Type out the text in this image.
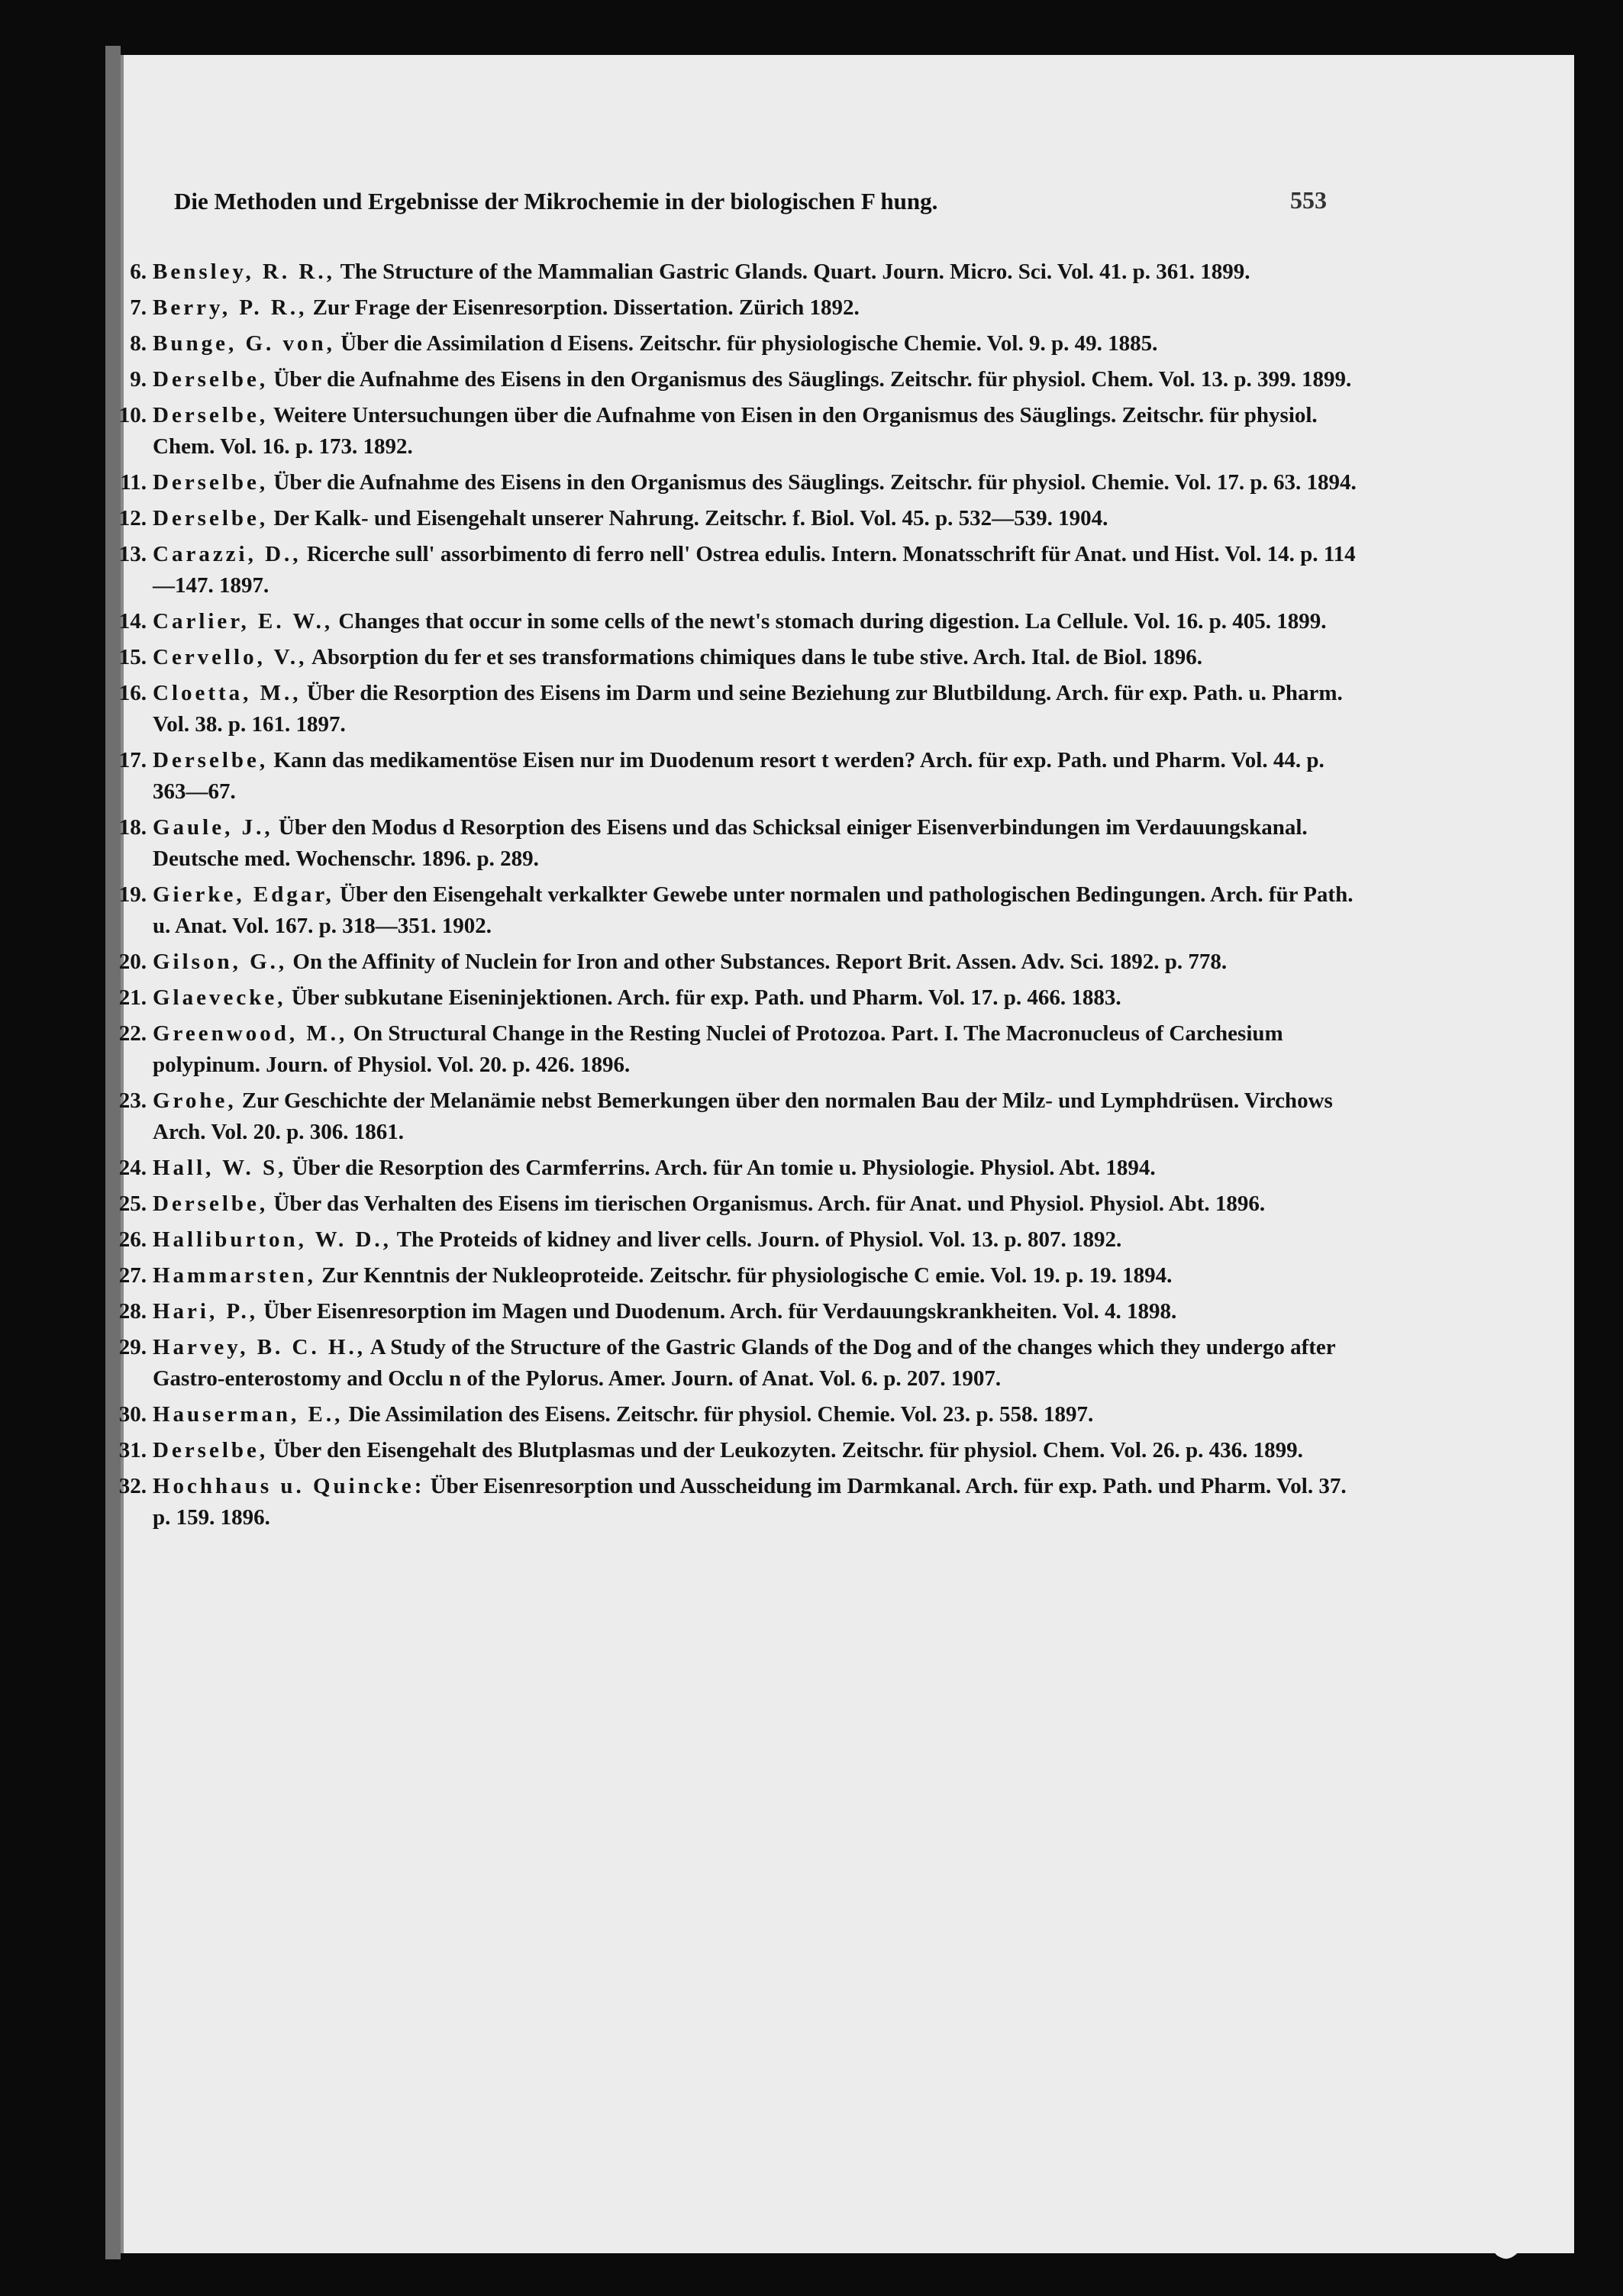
Die Methoden und Ergebnisse der Mikrochemie in der biologischen F hung.	553
6. Bensley, R. R., The Structure of the Mammalian Gastric Glands. Quart. Journ. Micro. Sci. Vol. 41. p. 361. 1899.
7. Berry, P. R., Zur Frage der Eisenresorption. Dissertation. Zürich 1892.
8. Bunge, G. von, Über die Assimilation d Eisens. Zeitschr. für physiologische Chemie. Vol. 9. p. 49. 1885.
9. Derselbe, Über die Aufnahme des Eisens in den Organismus des Säuglings. Zeitschr. für physiol. Chem. Vol. 13. p. 399. 1899.
10. Derselbe, Weitere Untersuchungen über die Aufnahme von Eisen in den Organismus des Säuglings. Zeitschr. für physiol. Chem. Vol. 16. p. 173. 1892.
11. Derselbe, Über die Aufnahme des Eisens in den Organismus des Säuglings. Zeitschr. für physiol. Chemie. Vol. 17. p. 63. 1894.
12. Derselbe, Der Kalk- und Eisengehalt unserer Nahrung. Zeitschr. f. Biol. Vol. 45. p. 532—539. 1904.
13. Carazzi, D., Ricerche sull' assorbimento di ferro nell' Ostrea edulis. Intern. Monatsschrift für Anat. und Hist. Vol. 14. p. 114—147. 1897.
14. Carlier, E. W., Changes that occur in some cells of the newt's stomach during digestion. La Cellule. Vol. 16. p. 405. 1899.
15. Cervello, V., Absorption du fer et ses transformations chimiques dans le tube stive. Arch. Ital. de Biol. 1896.
16. Cloetta, M., Über die Resorption des Eisens im Darm und seine Beziehung zur Blutbildung. Arch. für exp. Path. u. Pharm. Vol. 38. p. 161. 1897.
17. Derselbe, Kann das medikamentöse Eisen nur im Duodenum resort t werden? Arch. für exp. Path. und Pharm. Vol. 44. p. 363—67.
18. Gaule, J., Über den Modus d Resorption des Eisens und das Schicksal einiger Eisenverbindungen im Verdauungskanal. Deutsche med. Wochenschr. 1896. p. 289.
19. Gierke, Edgar, Über den Eisengehalt verkalkter Gewebe unter normalen und pathologischen Bedingungen. Arch. für Path. u. Anat. Vol. 167. p. 318—351. 1902.
20. Gilson, G., On the Affinity of Nuclein for Iron and other Substances. Report Brit. Assen. Adv. Sci. 1892. p. 778.
21. Glaevecke, Über subkutane Eiseninjektionen. Arch. für exp. Path. und Pharm. Vol. 17. p. 466. 1883.
22. Greenwood, M., On Structural Change in the Resting Nuclei of Protozoa. Part. I. The Macronucleus of Carchesium polypinum. Journ. of Physiol. Vol. 20. p. 426. 1896.
23. Grohe, Zur Geschichte der Melanämie nebst Bemerkungen über den normalen Bau der Milz- und Lymphdrüsen. Virchows Arch. Vol. 20. p. 306. 1861.
24. Hall, W. S, Über die Resorption des Carmferrins. Arch. für An tomie u. Physiologie. Physiol. Abt. 1894.
25. Derselbe, Über das Verhalten des Eisens im tierischen Organismus. Arch. für Anat. und Physiol. Physiol. Abt. 1896.
26. Halliburton, W. D., The Proteids of kidney and liver cells. Journ. of Physiol. Vol. 13. p. 807. 1892.
27. Hammarsten, Zur Kenntnis der Nukleoproteide. Zeitschr. für physiologische C emie. Vol. 19. p. 19. 1894.
28. Hari, P., Über Eisenresorption im Magen und Duodenum. Arch. für Verdauungskrankheiten. Vol. 4. 1898.
29. Harvey, B. C. H., A Study of the Structure of the Gastric Glands of the Dog and of the changes which they undergo after Gastro-enterostomy and Occlu n of the Pylorus. Amer. Journ. of Anat. Vol. 6. p. 207. 1907.
30. Hauserman, E., Die Assimilation des Eisens. Zeitschr. für physiol. Chemie. Vol. 23. p. 558. 1897.
31. Derselbe, Über den Eisengehalt des Blutplasmas und der Leukozyten. Zeitschr. für physiol. Chem. Vol. 26. p. 436. 1899.
32. Hochhaus u. Quincke: Über Eisenresorption und Ausscheidung im Darmkanal. Arch. für exp. Path. und Pharm. Vol. 37. p. 159. 1896.
